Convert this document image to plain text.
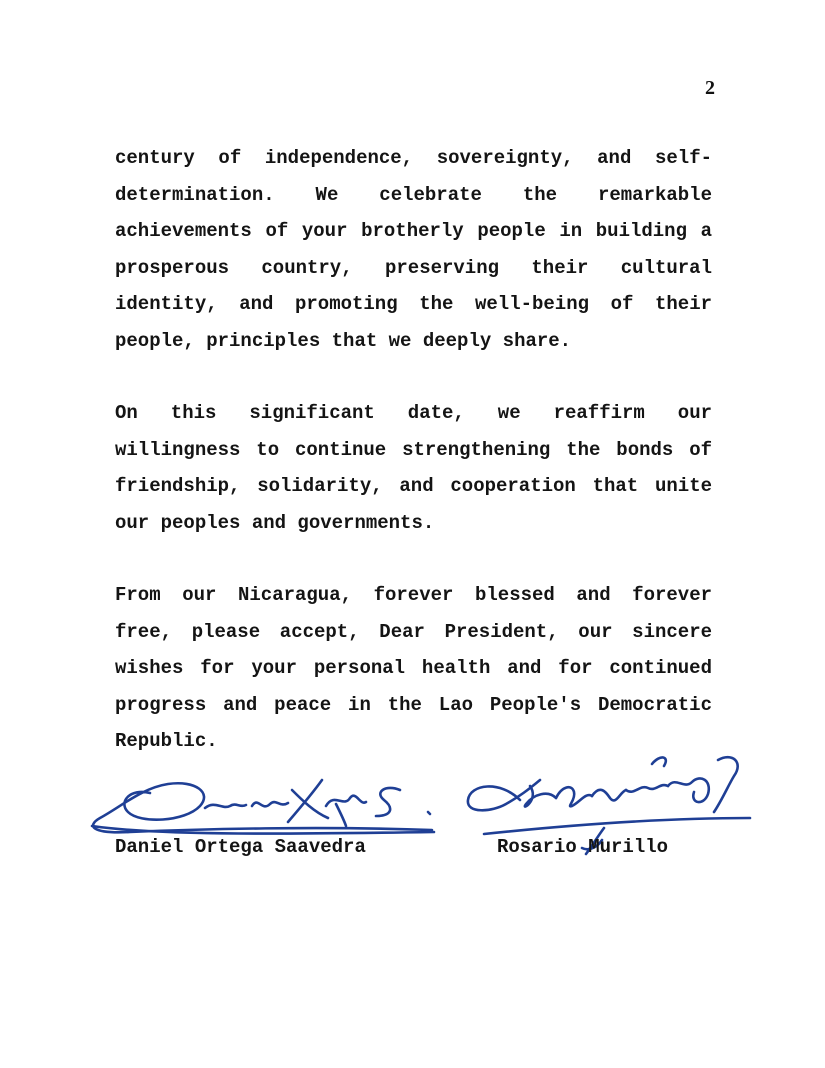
2

century of independence, sovereignty, and self-determination. We celebrate the remarkable achievements of your brotherly people in building a prosperous country, preserving their cultural identity, and promoting the well-being of their people, principles that we deeply share.

On this significant date, we reaffirm our willingness to continue strengthening the bonds of friendship, solidarity, and cooperation that unite our peoples and governments.

From our Nicaragua, forever blessed and forever free, please accept, Dear President, our sincere wishes for your personal health and for continued progress and peace in the Lao People's Democratic Republic.

Daniel Ortega Saavedra	Rosario Murillo
